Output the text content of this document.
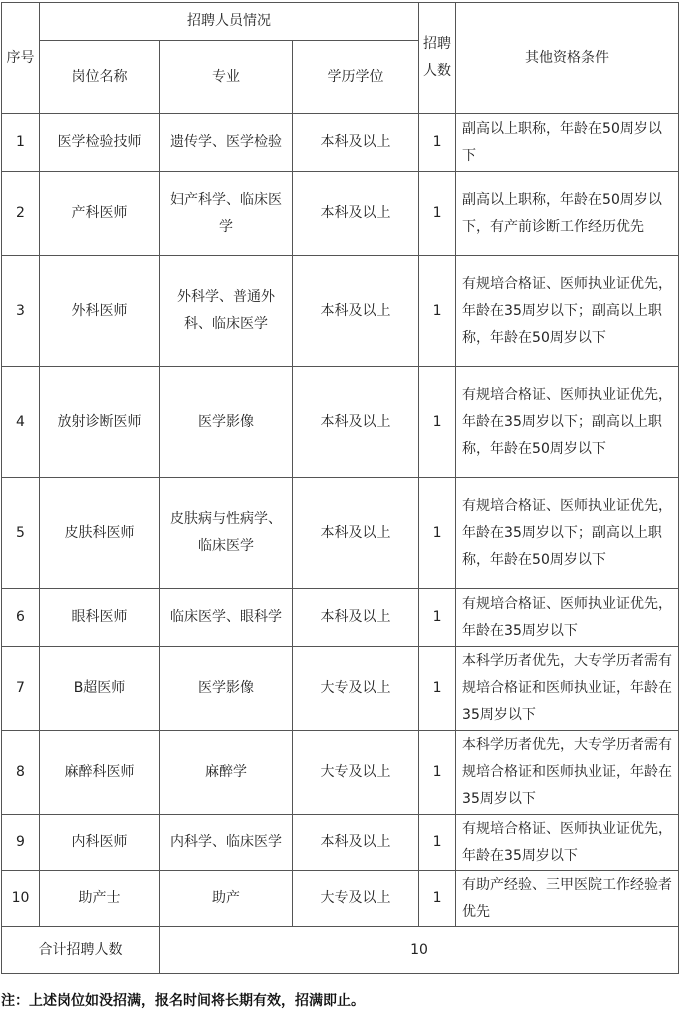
序号	招聘人员情况			招聘人数	其他资格条件
	岗位名称	专业	学历学位		
1	医学检验技师	遗传学、医学检验	本科及以上	1	副高以上职称，年龄在50周岁以下
2	产科医师	妇产科学、临床医学	本科及以上	1	副高以上职称，年龄在50周岁以下，有产前诊断工作经历优先
3	外科医师	外科学、普通外科、临床医学	本科及以上	1	有规培合格证、医师执业证优先，年龄在35周岁以下；副高以上职称，年龄在50周岁以下
4	放射诊断医师	医学影像	本科及以上	1	有规培合格证、医师执业证优先，年龄在35周岁以下；副高以上职称，年龄在50周岁以下
5	皮肤科医师	皮肤病与性病学、临床医学	本科及以上	1	有规培合格证、医师执业证优先，年龄在35周岁以下；副高以上职称，年龄在50周岁以下
6	眼科医师	临床医学、眼科学	本科及以上	1	有规培合格证、医师执业证优先，年龄在35周岁以下
7	B超医师	医学影像	大专及以上	1	本科学历者优先，大专学历者需有规培合格证和医师执业证，年龄在35周岁以下
8	麻醉科医师	麻醉学	大专及以上	1	本科学历者优先，大专学历者需有规培合格证和医师执业证，年龄在35周岁以下
9	内科医师	内科学、临床医学	本科及以上	1	有规培合格证、医师执业证优先，年龄在35周岁以下
10	助产士	助产	大专及以上	1	有助产经验、三甲医院工作经验者优先
合计招聘人数		10			
注：上述岗位如没招满，报名时间将长期有效，招满即止。
